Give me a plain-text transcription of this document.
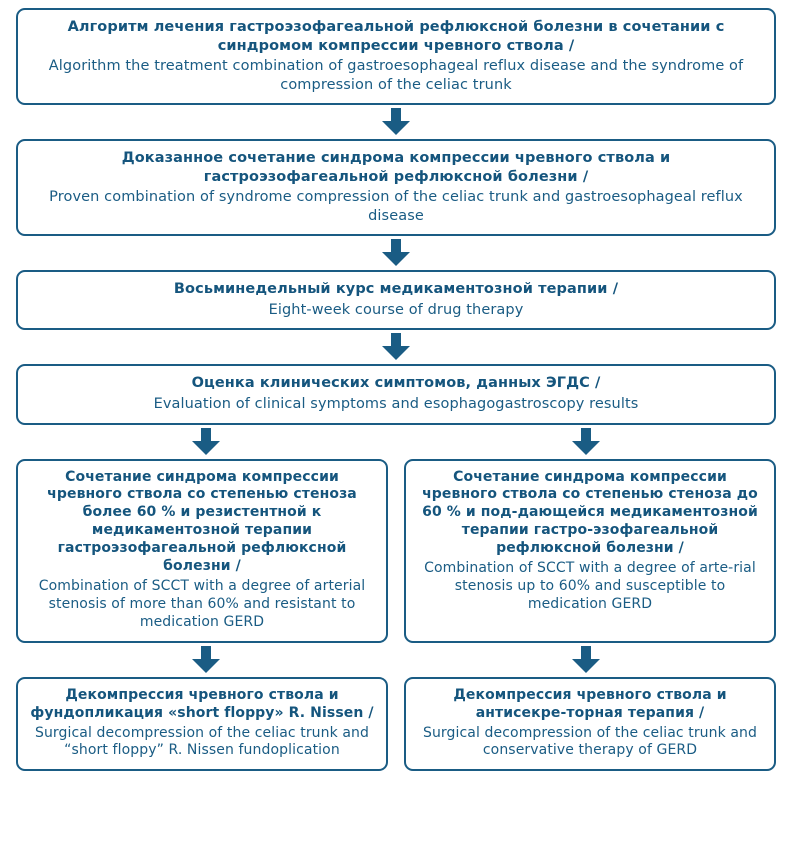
Алгоритм лечения гастроэзофагеальной рефлюксной болезни в сочетании с синдромом компрессии чревного ствола /
Algorithm the treatment combination of gastroesophageal reflux disease and the syndrome of compression of the celiac trunk
Доказанное сочетание синдрома компрессии чревного ствола и гастроэзофагеальной рефлюксной болезни /
Proven combination of syndrome compression of the celiac trunk and gastroesophageal reflux disease
Восьминедельный курс медикаментозной терапии /
Eight-week course of drug therapy
Оценка клинических симптомов, данных ЭГДС /
Evaluation of clinical symptoms and esophagogastroscopy results
Сочетание синдрома компрессии чревного ствола со степенью стеноза более 60 % и резистентной к медикаментозной терапии гастроэзофагеальной рефлюксной болезни /
Combination of SCCT with a degree of arterial stenosis of more than 60% and resistant to medication GERD
Сочетание синдрома компрессии чревного ствола со степенью стеноза до 60 % и под-дающейся медикаментозной терапии гастро-эзофагеальной рефлюксной болезни /
Combination of SCCT with a degree of arte-rial stenosis up to 60% and susceptible to medication GERD
Декомпрессия чревного ствола и фундопликация «short floppy» R. Nissen /
Surgical decompression of the celiac trunk and “short floppy” R. Nissen fundoplication
Декомпрессия чревного ствола и антисекре-торная терапия /
Surgical decompression of the celiac trunk and conservative therapy of GERD
